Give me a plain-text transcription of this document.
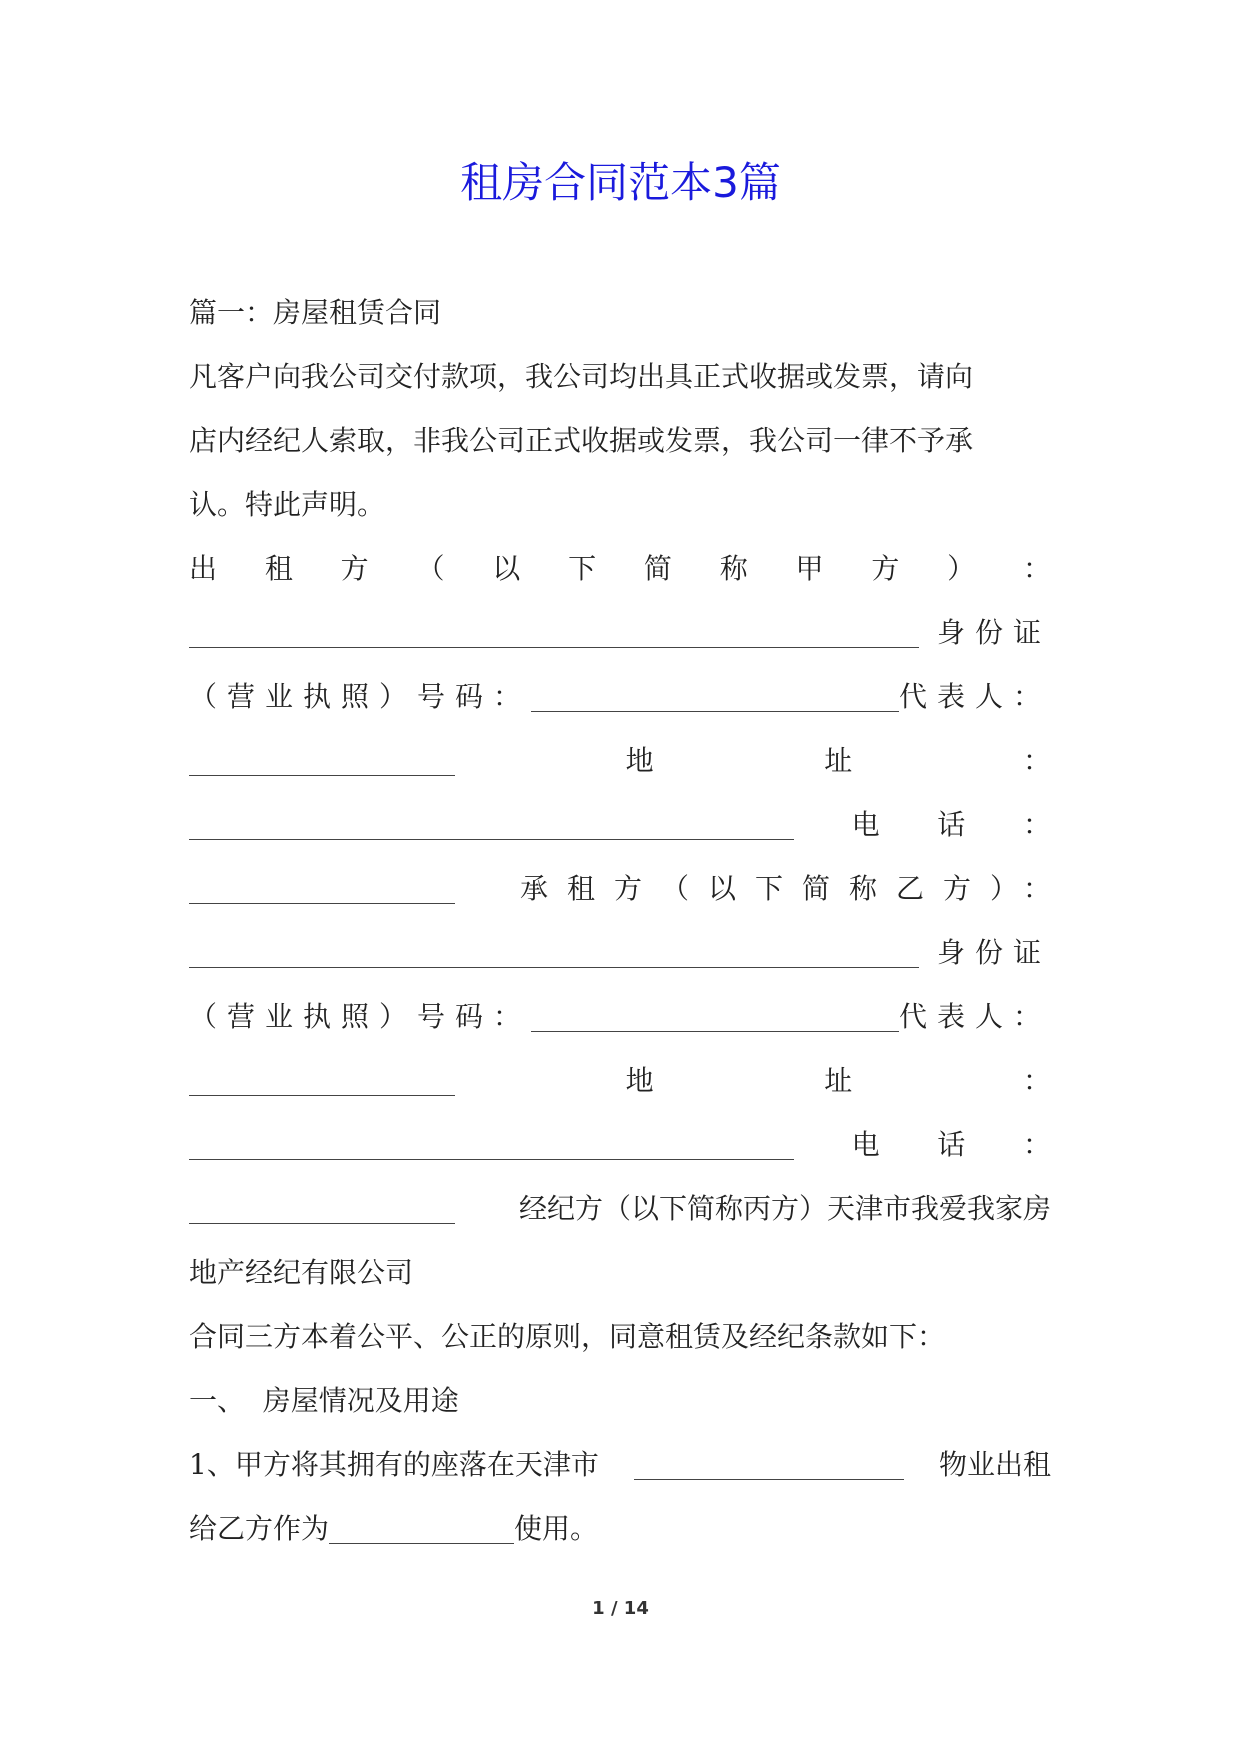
租房合同范本3篇
篇一：房屋租赁合同
凡客户向我公司交付款项，我公司均出具正式收据或发票，请向
店内经纪人索取，非我公司正式收据或发票，我公司一律不予承
认。特此声明。
出 租 方 （ 以 下 简 称 甲 方 ） ：
身份证
（营业执照）号码：	代表人：
地	址	：
电 话 ：
承租方（以下简称乙方）：
身份证
（营业执照）号码：	代表人：
地	址	：
电 话 ：
经纪方（以下简称丙方）天津市我爱我家房
地产经纪有限公司
合同三方本着公平、公正的原则，同意租赁及经纪条款如下：
一、  房屋情况及用途
1、甲方将其拥有的座落在天津市	物业出租
给乙方作为	使用。
1 / 14
